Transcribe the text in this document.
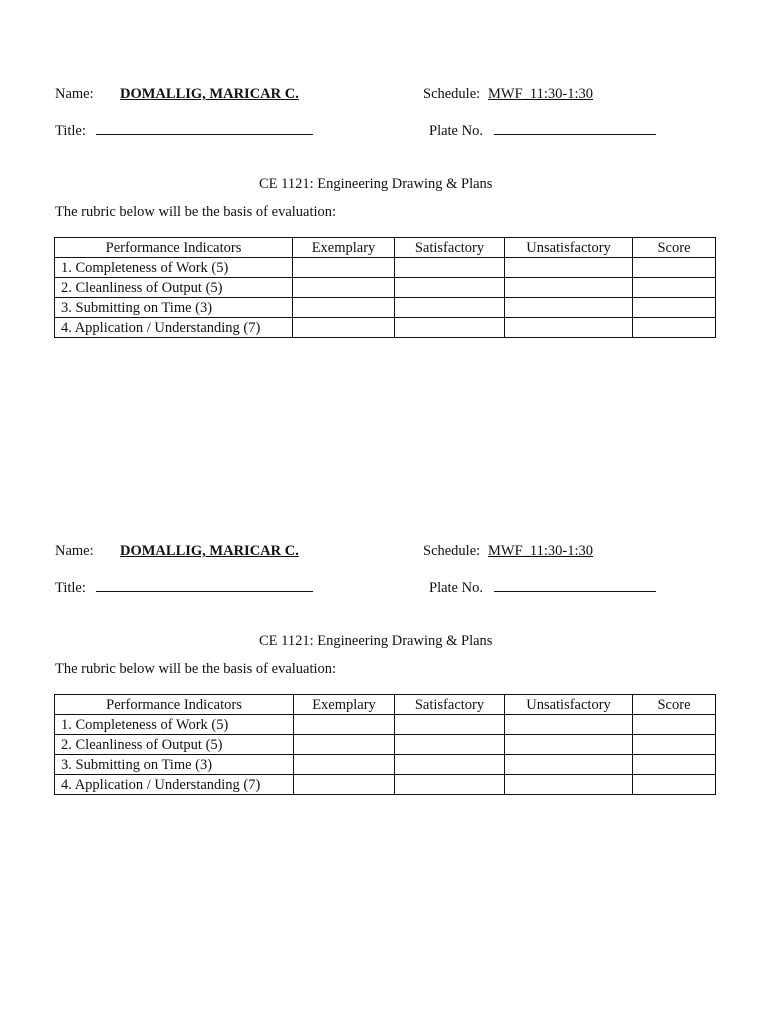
Name: DOMALLIG, MARICAR C.	Schedule: MWF_11:30-1:30
Title:	Plate No.
CE 1121: Engineering Drawing & Plans
The rubric below will be the basis of evaluation:
Performance Indicators	Exemplary	Satisfactory	Unsatisfactory	Score
1. Completeness of Work (5)				
2. Cleanliness of Output (5)				
3. Submitting on Time (3)				
4. Application / Understanding (7)				
Name: DOMALLIG, MARICAR C.	Schedule: MWF_11:30-1:30
Title:	Plate No.
CE 1121: Engineering Drawing & Plans
The rubric below will be the basis of evaluation:
Performance Indicators	Exemplary	Satisfactory	Unsatisfactory	Score
1. Completeness of Work (5)				
2. Cleanliness of Output (5)				
3. Submitting on Time (3)				
4. Application / Understanding (7)				
